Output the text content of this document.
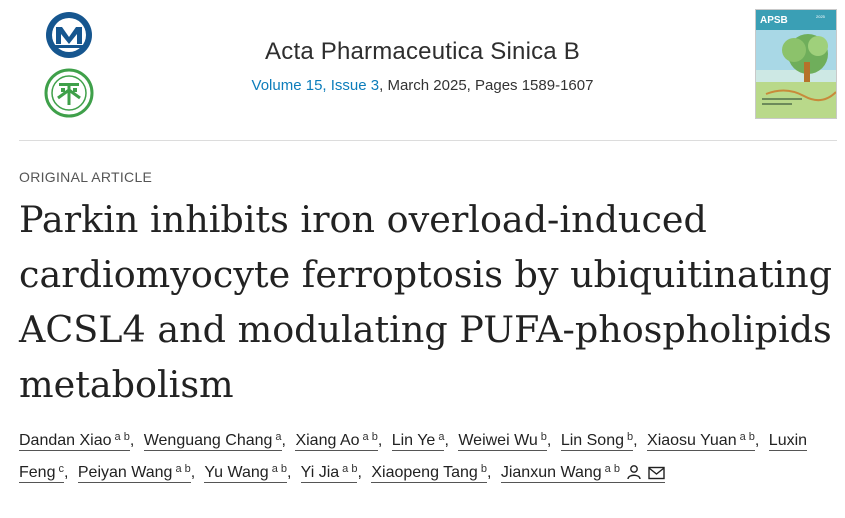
Acta Pharmaceutica Sinica B
Volume 15, Issue 3, March 2025, Pages 1589-1607
APSB	2025
ORIGINAL ARTICLE
Parkin inhibits iron overload-induced cardiomyocyte ferroptosis by ubiquitinating ACSL4 and modulating PUFA-phospholipids metabolism
Dandan Xiao $^{a b}$, Wenguang Chang $^a$, Xiang Ao $^{a b}$, Lin Ye $^a$, Weiwei Wu $^b$, Lin Song $^b$, Xiaosu Yuan $^{a b}$, Luxin Feng $^c$, Peiyan Wang $^{a b}$, Yu Wang $^{a b}$, Yi Jia $^{a b}$, Xiaopeng Tang $^b$, Jianxun Wang $^{a b}$
